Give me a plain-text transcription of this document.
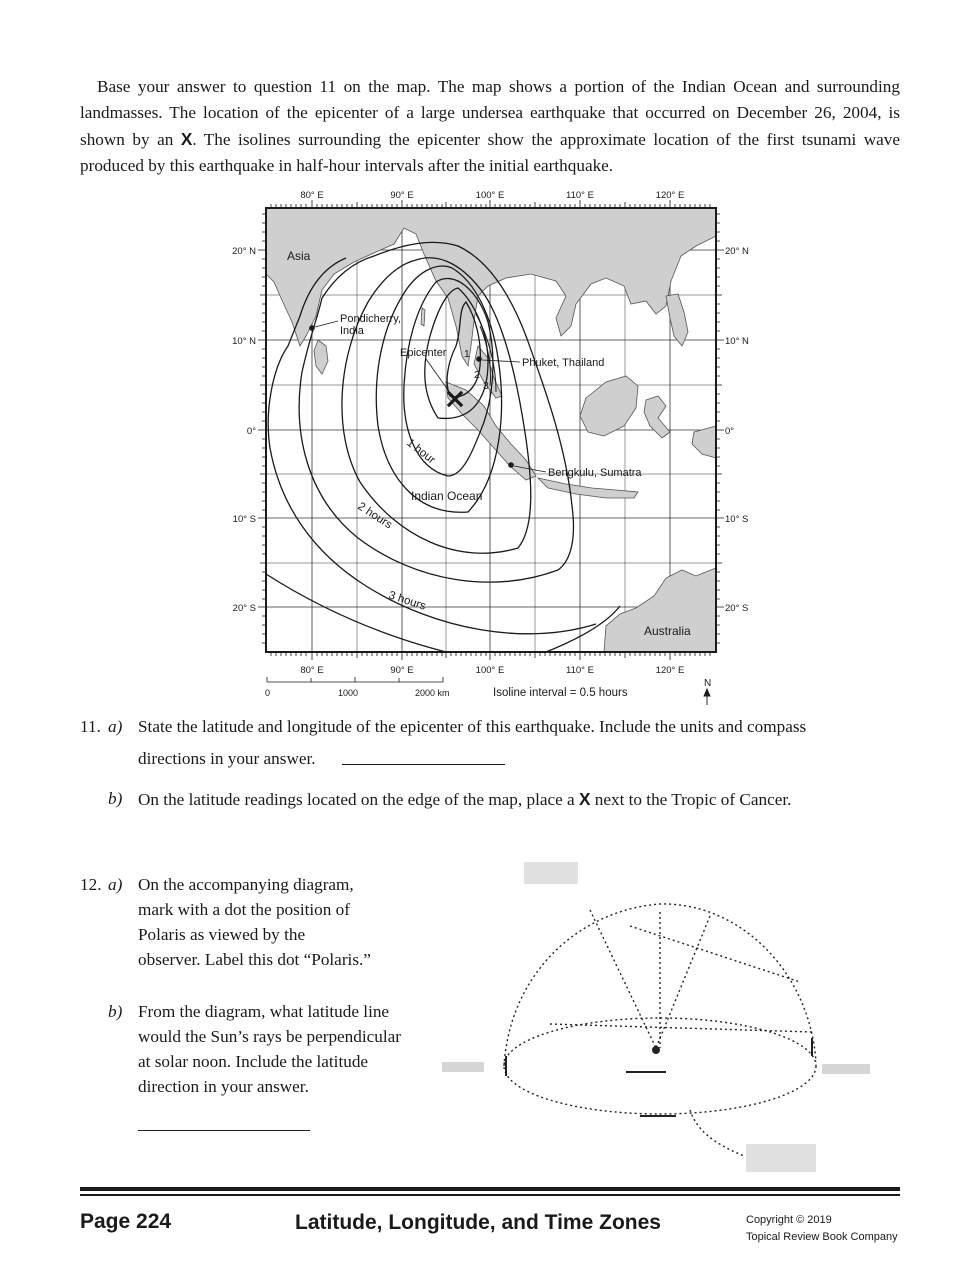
Base your answer to question 11 on the map. The map shows a portion of the Indian Ocean and surrounding landmasses. The location of the epicenter of a large undersea earthquake that occurred on December 26, 2004, is shown by an X. The isolines surrounding the epicenter show the approximate location of the first tsunami wave produced by this earthquake in half-hour intervals after the initial earthquake.

80° E	90° E	100° E	110° E	120° E
80° E	90° E	100° E	110° E	120° E
20° N
10° N
0°
10° S
20° S
20° N
10° N
0°
10° S
20° S
Asia
Australia
Indian Ocean
Pondicherry,
India
Epicenter
Phuket, Thailand
Bengkulu, Sumatra
1 hour
2 hours
3 hours
1
2
3
0	1000	2000 km	Isoline interval = 0.5 hours
N
11. a) State the latitude and longitude of the epicenter of this earthquake. Include the units and compass
directions in your answer.
b) On the latitude readings located on the edge of the map, place a X next to the Tropic of Cancer.
12. a) On the accompanying diagram,
mark with a dot the position of
Polaris as viewed by the
observer. Label this dot “Polaris.”
b) From the diagram, what latitude line
would the Sun’s rays be perpendicular
at solar noon. Include the latitude
direction in your answer.
Page 224	Latitude, Longitude, and Time Zones	Copyright © 2019
Topical Review Book Company
